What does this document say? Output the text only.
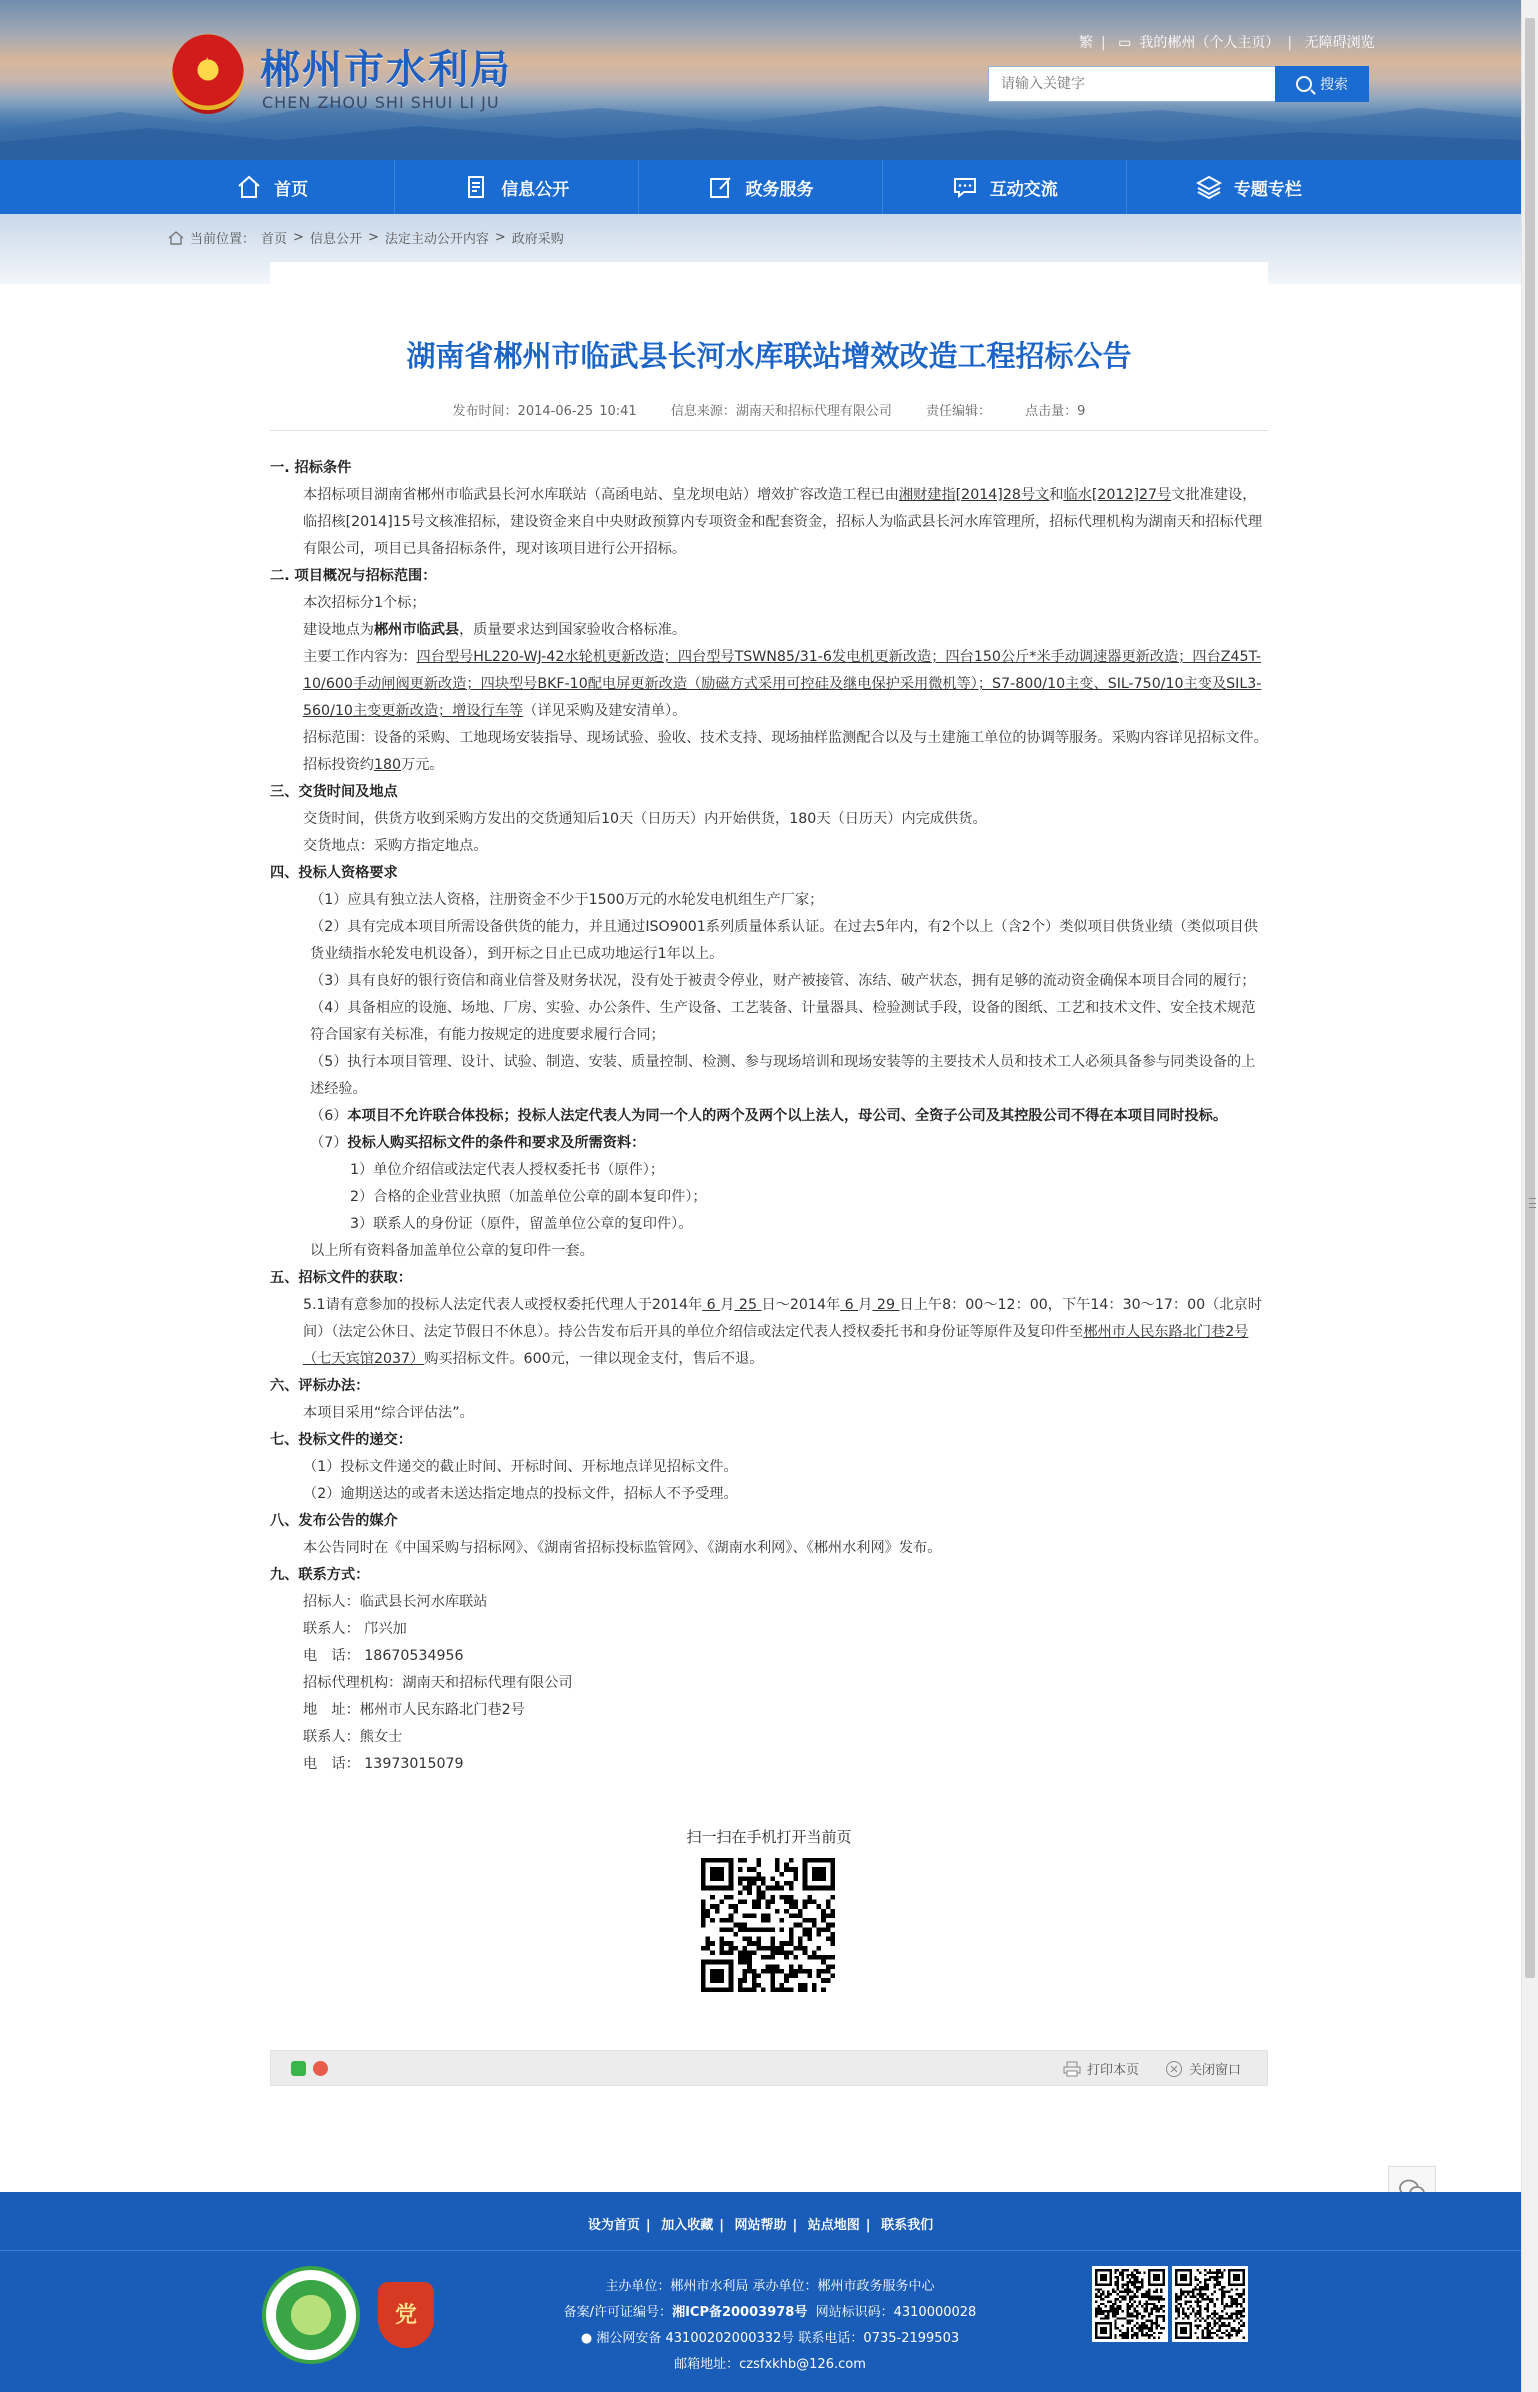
★ 郴州市水利局
CHEN ZHOU SHI SHUI LI JU
繁 | ▭ 我的郴州（个人主页） | 无障碍浏览
请输入关键字
搜索
首页	信息公开	政务服务	互动交流	专题专栏
当前位置： 首页 > 信息公开 > 法定主动公开内容 > 政府采购
湖南省郴州市临武县长河水库联站增效改造工程招标公告
发布时间：2014-06-25 10:41	信息来源：湖南天和招标代理有限公司	责任编辑：	点击量：9

一. 招标条件

本招标项目湖南省郴州市临武县长河水库联站（高函电站、皇龙坝电站）增效扩容改造工程已由湘财建指[2014]28号文和临水[2012]27号文批准建设，临招核[2014]15号文核准招标，建设资金来自中央财政预算内专项资金和配套资金，招标人为临武县长河水库管理所，招标代理机构为湖南天和招标代理有限公司，项目已具备招标条件，现对该项目进行公开招标。

二. 项目概况与招标范围：

本次招标分1个标；

建设地点为郴州市临武县，质量要求达到国家验收合格标准。

主要工作内容为：四台型号HL220-WJ-42水轮机更新改造；四台型号TSWN85/31-6发电机更新改造；四台150公斤*米手动调速器更新改造；四台Z45T-10/600手动闸阀更新改造；四块型号BKF-10配电屏更新改造（励磁方式采用可控硅及继电保护采用微机等）；S7-800/10主变、SIL-750/10主变及SIL3-560/10主变更新改造；增设行车等（详见采购及建安清单）。

招标范围：设备的采购、工地现场安装指导、现场试验、验收、技术支持、现场抽样监测配合以及与土建施工单位的协调等服务。采购内容详见招标文件。招标投资约180万元。

三、交货时间及地点

交货时间，供货方收到采购方发出的交货通知后10天（日历天）内开始供货，180天（日历天）内完成供货。

交货地点：采购方指定地点。

四、投标人资格要求

（1）应具有独立法人资格，注册资金不少于1500万元的水轮发电机组生产厂家；

（2）具有完成本项目所需设备供货的能力，并且通过ISO9001系列质量体系认证。在过去5年内，有2个以上（含2个）类似项目供货业绩（类似项目供货业绩指水轮发电机设备），到开标之日止已成功地运行1年以上。

（3）具有良好的银行资信和商业信誉及财务状况，没有处于被责令停业，财产被接管、冻结、破产状态，拥有足够的流动资金确保本项目合同的履行；

（4）具备相应的设施、场地、厂房、实验、办公条件、生产设备、工艺装备、计量器具、检验测试手段，设备的图纸、工艺和技术文件、安全技术规范符合国家有关标准，有能力按规定的进度要求履行合同；

（5）执行本项目管理、设计、试验、制造、安装、质量控制、检测、参与现场培训和现场安装等的主要技术人员和技术工人必须具备参与同类设备的上述经验。

（6）本项目不允许联合体投标；投标人法定代表人为同一个人的两个及两个以上法人，母公司、全资子公司及其控股公司不得在本项目同时投标。

（7）投标人购买招标文件的条件和要求及所需资料：

1）单位介绍信或法定代表人授权委托书（原件）；

2）合格的企业营业执照（加盖单位公章的副本复印件）；

3）联系人的身份证（原件，留盖单位公章的复印件）。

以上所有资料备加盖单位公章的复印件一套。

五、招标文件的获取：

5.1请有意参加的投标人法定代表人或授权委托代理人于2014年 6 月 25 日～2014年 6 月 29 日上午8：00～12：00，下午14：30～17：00（北京时间）（法定公休日、法定节假日不休息）。持公告发布后开具的单位介绍信或法定代表人授权委托书和身份证等原件及复印件至郴州市人民东路北门巷2号（七天宾馆2037）购买招标文件。600元，一律以现金支付，售后不退。

六、评标办法：

本项目采用“综合评估法”。

七、投标文件的递交：

（1）投标文件递交的截止时间、开标时间、开标地点详见招标文件。

（2）逾期送达的或者未送达指定地点的投标文件，招标人不予受理。

八、发布公告的媒介

本公告同时在《中国采购与招标网》、《湖南省招标投标监管网》、《湖南水利网》、《郴州水利网》发布。

九、联系方式：

招标人：临武县长河水库联站

联系人： 邝兴加

电　话： 18670534956

招标代理机构：湖南天和招标代理有限公司

地　址：郴州市人民东路北门巷2号

联系人：熊女士

电　话： 13973015079

扫一扫在手机打开当前页
打印本页	关闭窗口
设为首页 | 加入收藏 | 网站帮助 | 站点地图 | 联系我们
党
主办单位：郴州市水利局 承办单位：郴州市政务服务中心
备案/许可证编号：湘ICP备20003978号 网站标识码：4310000028
● 湘公网安备 43100202000332号 联系电话：0735-2199503
邮箱地址：czsfxkhb@126.com
